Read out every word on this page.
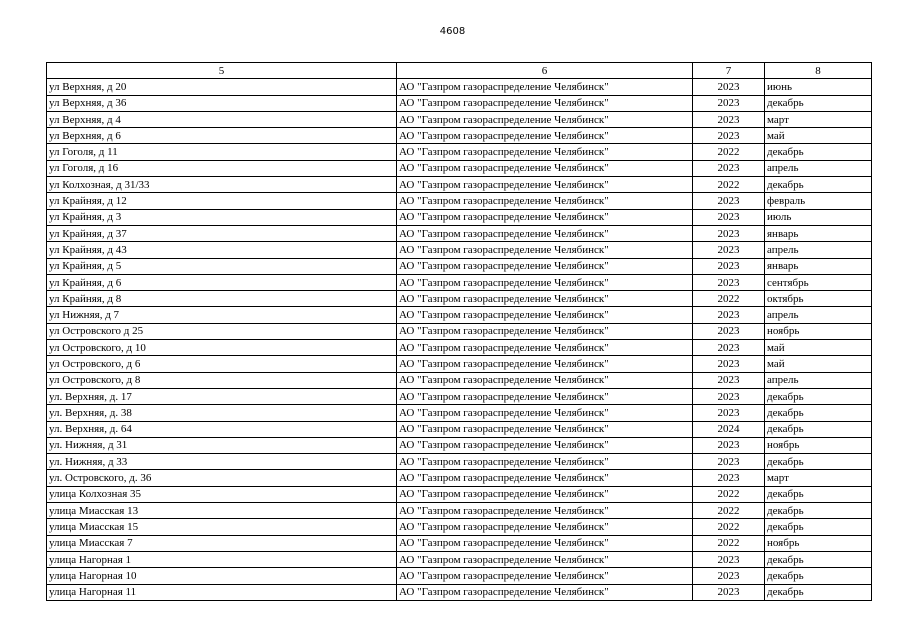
4608
5	6	7	8
ул Верхняя, д 20	АО "Газпром газораспределение Челябинск"	2023	июнь
ул Верхняя, д 36	АО "Газпром газораспределение Челябинск"	2023	декабрь
ул Верхняя, д 4	АО "Газпром газораспределение Челябинск"	2023	март
ул Верхняя, д 6	АО "Газпром газораспределение Челябинск"	2023	май
ул Гоголя, д 11	АО "Газпром газораспределение Челябинск"	2022	декабрь
ул Гоголя, д 16	АО "Газпром газораспределение Челябинск"	2023	апрель
ул Колхозная, д 31/33	АО "Газпром газораспределение Челябинск"	2022	декабрь
ул Крайняя, д 12	АО "Газпром газораспределение Челябинск"	2023	февраль
ул Крайняя, д 3	АО "Газпром газораспределение Челябинск"	2023	июль
ул Крайняя, д 37	АО "Газпром газораспределение Челябинск"	2023	январь
ул Крайняя, д 43	АО "Газпром газораспределение Челябинск"	2023	апрель
ул Крайняя, д 5	АО "Газпром газораспределение Челябинск"	2023	январь
ул Крайняя, д 6	АО "Газпром газораспределение Челябинск"	2023	сентябрь
ул Крайняя, д 8	АО "Газпром газораспределение Челябинск"	2022	октябрь
ул Нижняя, д 7	АО "Газпром газораспределение Челябинск"	2023	апрель
ул Островского д 25	АО "Газпром газораспределение Челябинск"	2023	ноябрь
ул Островского, д 10	АО "Газпром газораспределение Челябинск"	2023	май
ул Островского, д 6	АО "Газпром газораспределение Челябинск"	2023	май
ул Островского, д 8	АО "Газпром газораспределение Челябинск"	2023	апрель
ул. Верхняя, д. 17	АО "Газпром газораспределение Челябинск"	2023	декабрь
ул. Верхняя, д. 38	АО "Газпром газораспределение Челябинск"	2023	декабрь
ул. Верхняя, д. 64	АО "Газпром газораспределение Челябинск"	2024	декабрь
ул. Нижняя, д 31	АО "Газпром газораспределение Челябинск"	2023	ноябрь
ул. Нижняя, д 33	АО "Газпром газораспределение Челябинск"	2023	декабрь
ул. Островского, д. 36	АО "Газпром газораспределение Челябинск"	2023	март
улица Колхозная 35	АО "Газпром газораспределение Челябинск"	2022	декабрь
улица Миасская 13	АО "Газпром газораспределение Челябинск"	2022	декабрь
улица Миасская 15	АО "Газпром газораспределение Челябинск"	2022	декабрь
улица Миасская 7	АО "Газпром газораспределение Челябинск"	2022	ноябрь
улица Нагорная 1	АО "Газпром газораспределение Челябинск"	2023	декабрь
улица Нагорная 10	АО "Газпром газораспределение Челябинск"	2023	декабрь
улица Нагорная 11	АО "Газпром газораспределение Челябинск"	2023	декабрь
